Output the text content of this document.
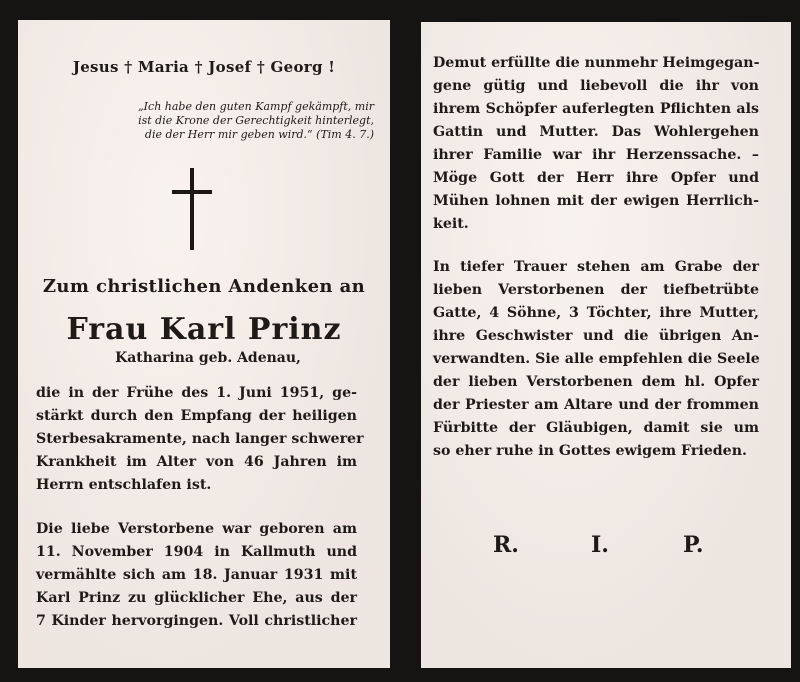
Jesus † Maria † Josef † Georg !
„Ich habe den guten Kampf gekämpft, mir
ist die Krone der Gerechtigkeit hinterlegt,
die der Herr mir geben wird.“ (Tim 4. 7.)
Zum christlichen Andenken an
Frau Karl Prinz
Katharina geb. Adenau,
die in der Frühe des 1. Juni 1951, ge-
stärkt durch den Empfang der heiligen
Sterbesakramente, nach langer schwerer
Krankheit im Alter von 46 Jahren im
Herrn entschlafen ist.
Die liebe Verstorbene war geboren am
11. November 1904 in Kallmuth und
vermählte sich am 18. Januar 1931 mit
Karl Prinz zu glücklicher Ehe, aus der
7 Kinder hervorgingen. Voll christlicher
Demut erfüllte die nunmehr Heimgegan-
gene gütig und liebevoll die ihr von
ihrem Schöpfer auferlegten Pflichten als
Gattin und Mutter. Das Wohlergehen
ihrer Familie war ihr Herzenssache. –
Möge Gott der Herr ihre Opfer und
Mühen lohnen mit der ewigen Herrlich-
keit.
In tiefer Trauer stehen am Grabe der
lieben Verstorbenen der tiefbetrübte
Gatte, 4 Söhne, 3 Töchter, ihre Mutter,
ihre Geschwister und die übrigen An-
verwandten. Sie alle empfehlen die Seele
der lieben Verstorbenen dem hl. Opfer
der Priester am Altare und der frommen
Fürbitte der Gläubigen, damit sie um
so eher ruhe in Gottes ewigem Frieden.
R.	I.	P.
